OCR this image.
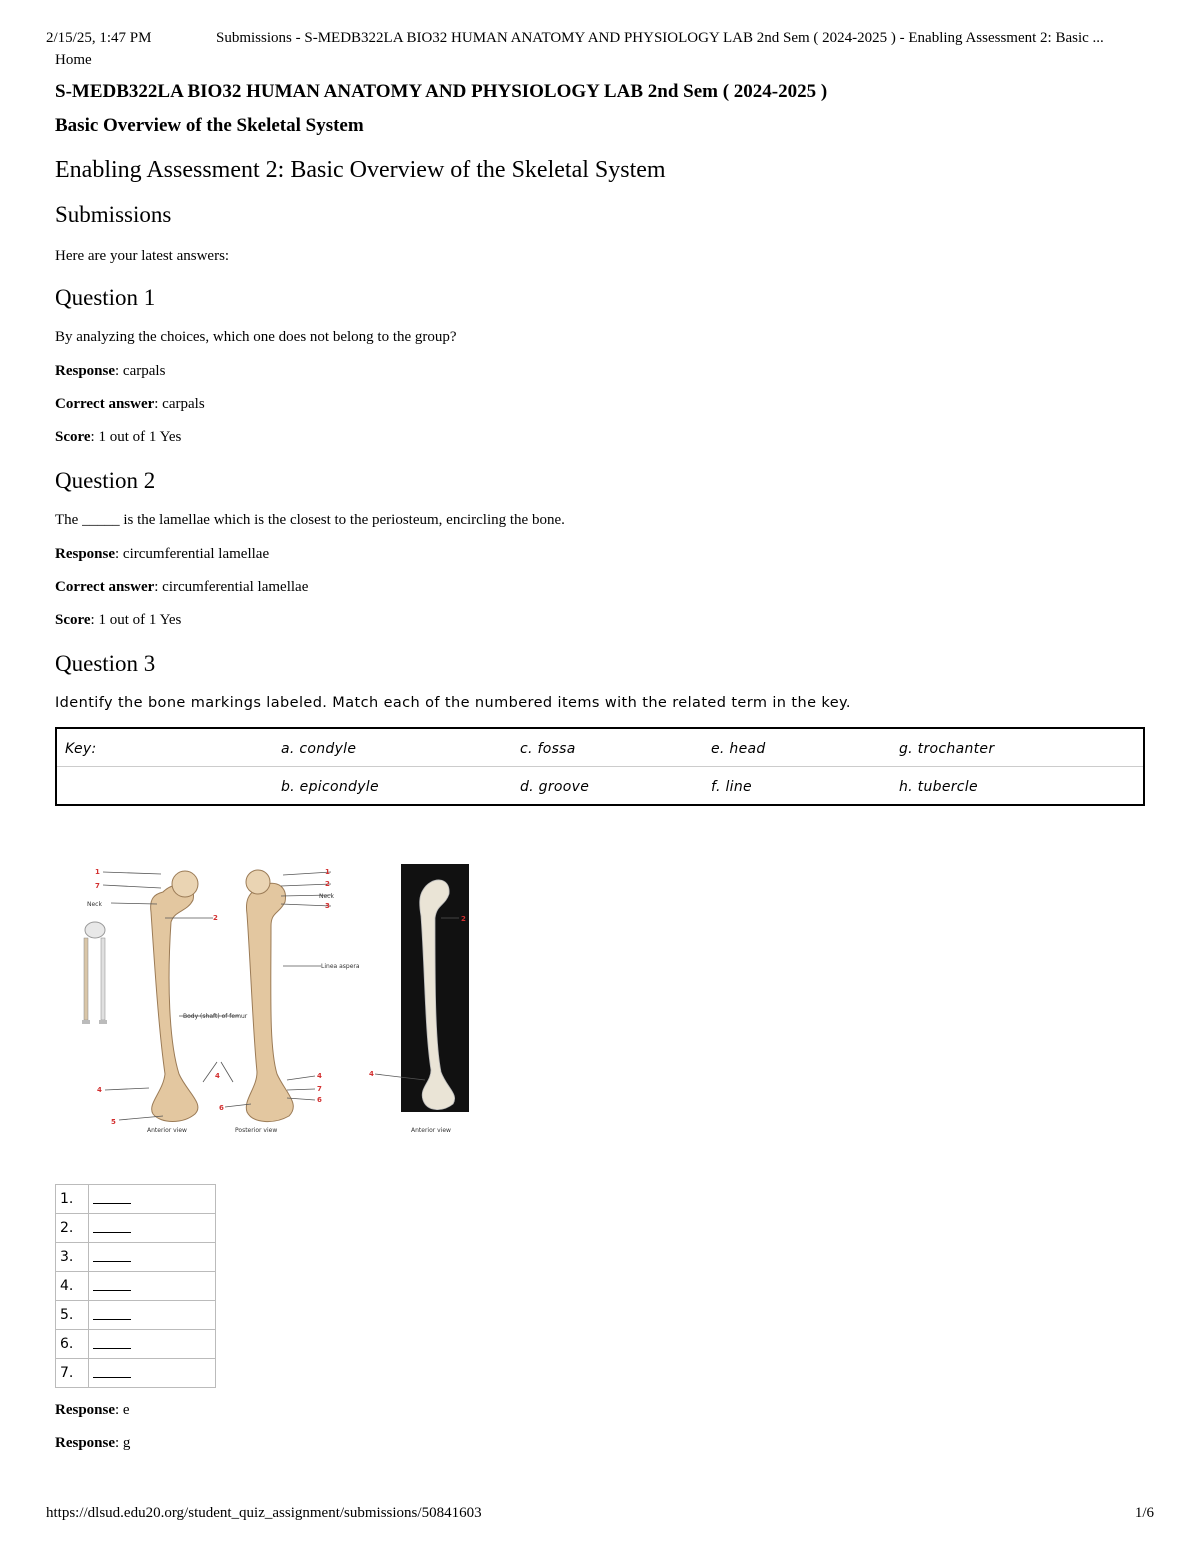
2/15/25, 1:47 PM	Submissions - S-MEDB322LA BIO32 HUMAN ANATOMY AND PHYSIOLOGY LAB 2nd Sem ( 2024-2025 ) - Enabling Assessment 2: Basic ...
Home
S-MEDB322LA BIO32 HUMAN ANATOMY AND PHYSIOLOGY LAB 2nd Sem ( 2024-2025 )
Basic Overview of the Skeletal System
Enabling Assessment 2: Basic Overview of the Skeletal System
Submissions
Here are your latest answers:
Question 1
By analyzing the choices, which one does not belong to the group?
Response: carpals
Correct answer: carpals
Score: 1 out of 1 Yes
Question 2
The _____ is the lamellae which is the closest to the periosteum, encircling the bone.
Response: circumferential lamellae
Correct answer: circumferential lamellae
Score: 1 out of 1 Yes
Question 3
Identify the bone markings labeled. Match each of the numbered items with the related term in the key.
Key:	a. condyle	c. fossa	e. head	g. trochanter
	b. epicondyle	d. groove	f. line	h. tubercle
1
7
2
1
2
3
4
4
5
4
7
6
6
4
2
Neck
Neck
Linea aspera
Body (shaft) of femur
Anterior view	Posterior view	Anterior view
1.	
2.	
3.	
4.	
5.	
6.	
7.	
Response: e
Response: g
https://dlsud.edu20.org/student_quiz_assignment/submissions/50841603	1/6
